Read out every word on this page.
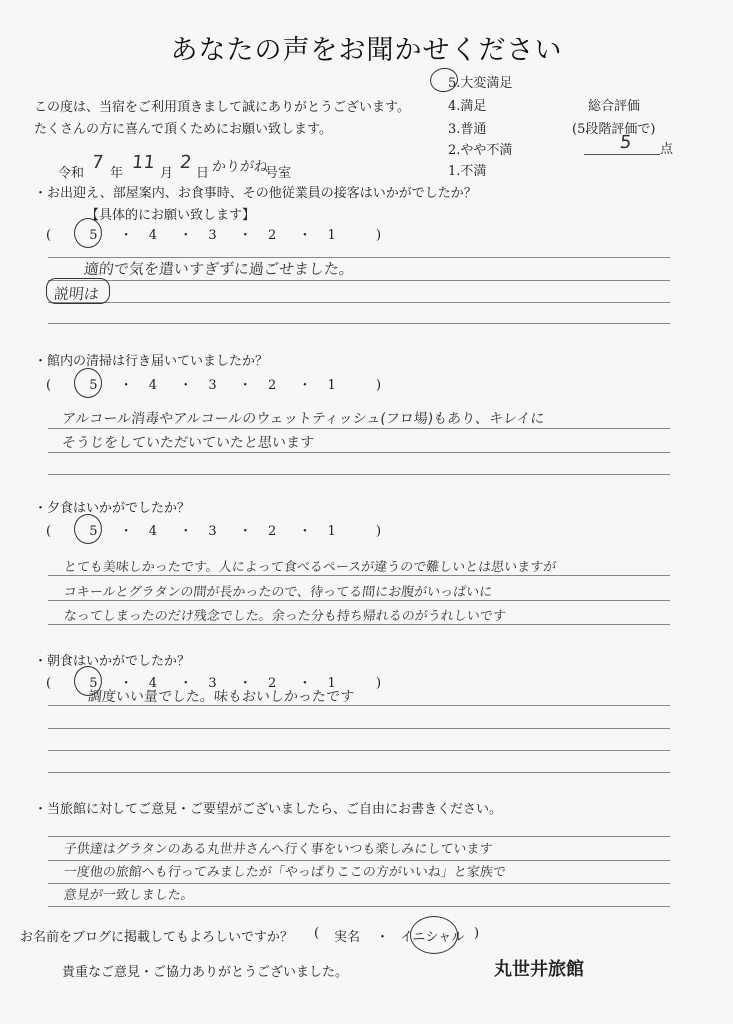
あなたの声をお聞かせください
この度は、当宿をご利用頂きまして誠にありがとうございます。
たくさんの方に喜んで頂くためにお願い致します。
5.大変満足
4.満足
3.普通
2.やや不満
1.不満
総合評価
(5段階評価で)
5 点
令和
7
年
11
月
2
日 かりがね
号室
・お出迎え、部屋案内、お食事時、その他従業員の接客はいかがでしたか？
【具体的にお願い致します】
(	5 ・ 4 ・ 3 ・ 2 ・ 1	)
適的で気を遣いすぎずに過ごせました。
説明は
・館内の清掃は行き届いていましたか？
(	5 ・ 4 ・ 3 ・ 2 ・ 1	)
アルコール消毒やアルコールのウェットティッシュ(フロ場)もあり、キレイに
そうじをしていただいていたと思います
・夕食はいかがでしたか？
(	5 ・ 4 ・ 3 ・ 2 ・ 1	)
とても美味しかったです。人によって食べるペースが違うので難しいとは思いますが
コキールとグラタンの間が長かったので、待ってる間にお腹がいっぱいに
なってしまったのだけ残念でした。余った分も持ち帰れるのがうれしいです
・朝食はいかがでしたか？
(	5 ・ 4 ・ 3 ・ 2 ・ 1	)
調度いい量でした。味もおいしかったです
・当旅館に対してご意見・ご要望がございましたら、ご自由にお書きください。
子供達はグラタンのある丸世井さんへ行く事をいつも楽しみにしています
一度他の旅館へも行ってみましたが「やっぱりここの方がいいね」と家族で
意見が一致しました。
お名前をブログに掲載してもよろしいですか？ ( 実名 ・ イニシャル )
貴重なご意見・ご協力ありがとうございました。	丸世井旅館
